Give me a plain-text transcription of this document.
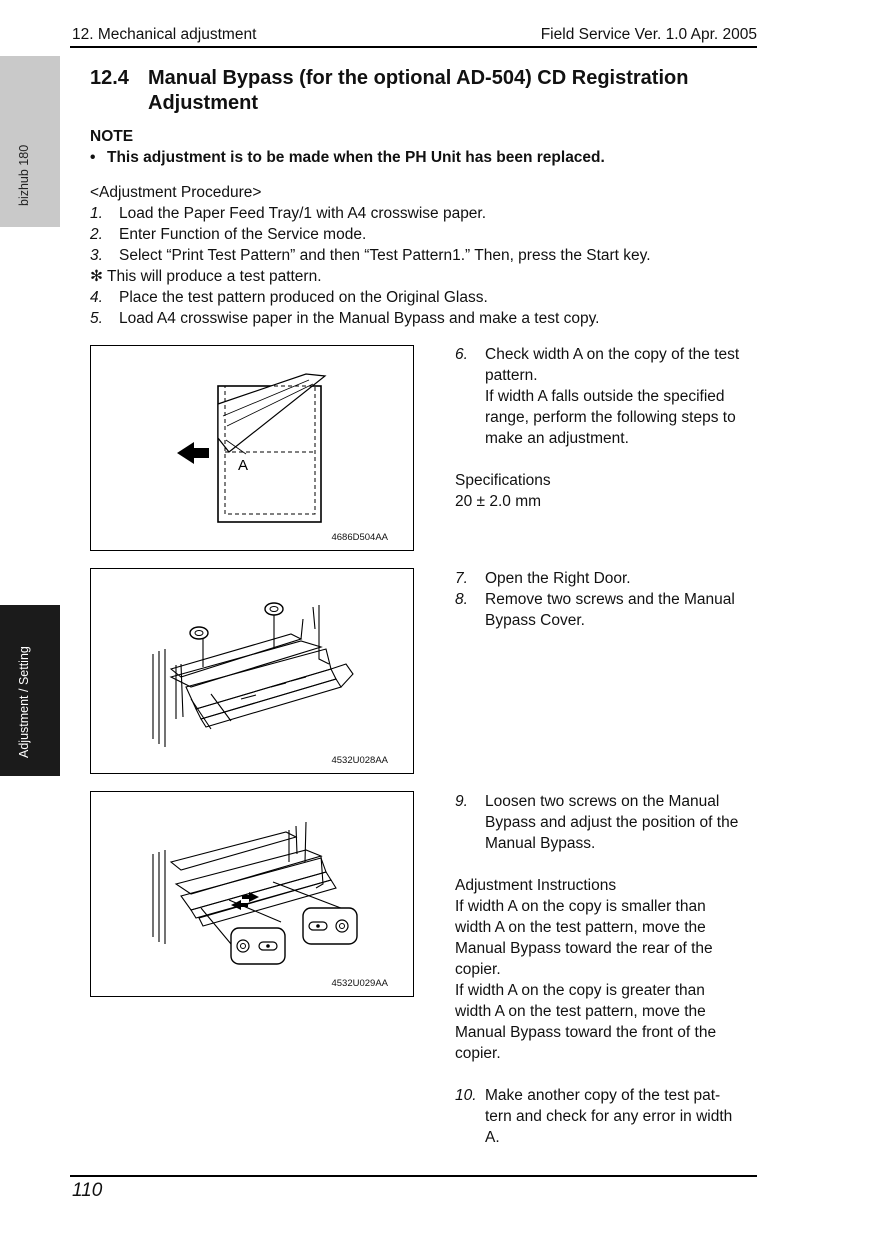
12. Mechanical adjustment	Field Service Ver. 1.0 Apr. 2005
bizhub 180
Adjustment / Setting
12.4 Manual Bypass (for the optional AD-504) CD Registration
Adjustment
NOTE
• This adjustment is to be made when the PH Unit has been replaced.
<Adjustment Procedure>
1. Load the Paper Feed Tray/1 with A4 crosswise paper.
2. Enter Function of the Service mode.
3. Select “Print Test Pattern” and then “Test Pattern1.” Then, press the Start key.
✻ This will produce a test pattern.
4. Place the test pattern produced on the Original Glass.
5. Load A4 crosswise paper in the Manual Bypass and make a test copy.
A
4686D504AA
4532U028AA
4532U029AA
6. Check width A on the copy of the test

pattern.

If width A falls outside the specified

range, perform the following steps to

make an adjustment.

Specifications

20 ± 2.0 mm

7. Open the Right Door.

8. Remove two screws and the Manual

Bypass Cover.

9. Loosen two screws on the Manual

Bypass and adjust the position of the

Manual Bypass.

Adjustment Instructions

If width A on the copy is smaller than

width A on the test pattern, move the

Manual Bypass toward the rear of the

copier.

If width A on the copy is greater than

width A on the test pattern, move the

Manual Bypass toward the front of the

copier.

10. Make another copy of the test pat-

tern and check for any error in width

A.

110
